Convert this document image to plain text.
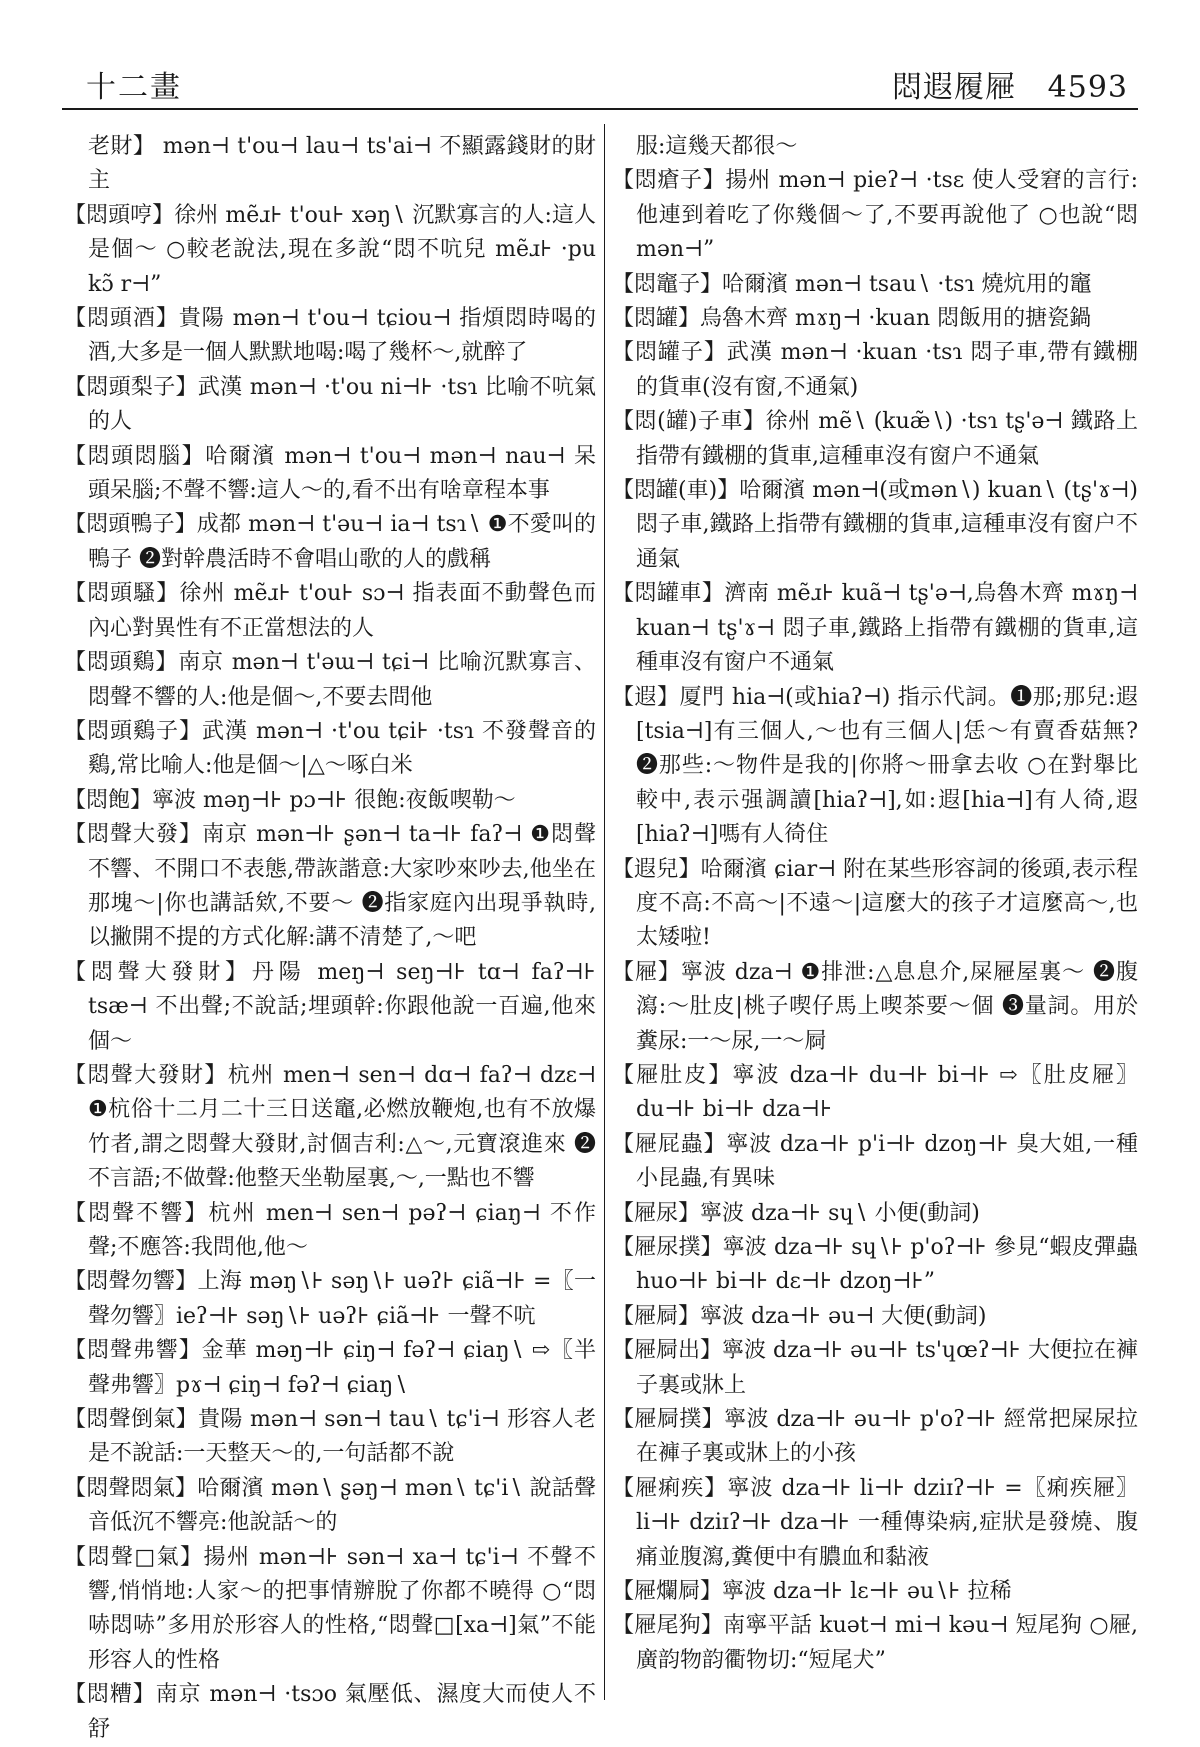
十二畫	悶遐履屜 4593

老財】 mən⊣ t'ou⊣ lau⊣ ts'ai⊣ 不顯露錢財的財主

【悶頭哼】徐州 mẽɹ⊦ t'ou⊦ xəŋ∖ 沉默寡言的人:這人是個～ ○較老說法,現在多說“悶不吭兒 mẽɹ⊦ ·pu kɔ̃ r⊣”

【悶頭酒】貴陽 mən⊣ t'ou⊣ tɕiou⊣ 指煩悶時喝的酒,大多是一個人默默地喝:喝了幾杯～,就醉了

【悶頭梨子】武漢 mən⊣ ·t'ou ni⊣⊦ ·tsɿ 比喻不吭氣的人

【悶頭悶腦】哈爾濱 mən⊣ t'ou⊣ mən⊣ nau⊣ 呆頭呆腦;不聲不響:這人～的,看不出有啥章程本事

【悶頭鴨子】成都 mən⊣ t'əu⊣ ia⊣ tsɿ∖ ❶不愛叫的鴨子 ❷對幹農活時不會唱山歌的人的戲稱

【悶頭騷】徐州 mẽɹ⊦ t'ou⊦ sɔ⊣ 指表面不動聲色而內心對異性有不正當想法的人

【悶頭鷄】南京 mən⊣ t'əɯ⊣ tɕi⊣ 比喻沉默寡言、悶聲不響的人:他是個～,不要去問他

【悶頭鷄子】武漢 mən⊣ ·t'ou tɕi⊦ ·tsɿ 不發聲音的鷄,常比喻人:他是個～|△～啄白米

【悶飽】寧波 məŋ⊣⊦ pɔ⊣⊦ 很飽:夜飯喫勒～

【悶聲大發】南京 mən⊣⊦ ʂən⊣ ta⊣⊦ faʔ⊣ ❶悶聲不響、不開口不表態,帶詼諧意:大家吵來吵去,他坐在那塊～|你也講話欸,不要～ ❷指家庭內出現爭執時,以撇開不提的方式化解:講不清楚了,～吧

【悶聲大發財】丹陽 meŋ⊣ seŋ⊣⊦ tɑ⊣ faʔ⊣⊦ tsæ⊣ 不出聲;不說話;埋頭幹:你跟他說一百遍,他來個～

【悶聲大發財】杭州 men⊣ sen⊣ dɑ⊣ faʔ⊣ dzɛ⊣ ❶杭俗十二月二十三日送竈,必燃放鞭炮,也有不放爆竹者,謂之悶聲大發財,討個吉利:△～,元寶滾進來 ❷不言語;不做聲:他整天坐勒屋裏,～,一點也不響

【悶聲不響】杭州 men⊣ sen⊣ pəʔ⊣ ɕiaŋ⊣ 不作聲;不應答:我問他,他～

【悶聲勿響】上海 məŋ∖⊦ səŋ∖⊦ uəʔ⊦ ɕiã⊣⊦ =〖一聲勿響〗ieʔ⊣⊦ səŋ∖⊦ uəʔ⊦ ɕiã⊣⊦ 一聲不吭

【悶聲弗響】金華 məŋ⊣⊦ ɕiŋ⊣ fəʔ⊣ ɕiaŋ∖ ⇨〖半聲弗響〗pɤ⊣ ɕiŋ⊣ fəʔ⊣ ɕiaŋ∖

【悶聲倒氣】貴陽 mən⊣ sən⊣ tau∖ tɕ'i⊣ 形容人老是不說話:一天整天～的,一句話都不說

【悶聲悶氣】哈爾濱 mən∖ ʂəŋ⊣ mən∖ tɕ'i∖ 說話聲音低沉不響亮:他說話～的

【悶聲□氣】揚州 mən⊣⊦ sən⊣ xa⊣ tɕ'i⊣ 不聲不響,悄悄地:人家～的把事情辦脫了你都不曉得 ○“悶哧悶哧”多用於形容人的性格,“悶聲□[xa⊣]氣”不能形容人的性格

【悶糟】南京 mən⊣ ·tsɔo 氣壓低、濕度大而使人不舒

服:這幾天都很～

【悶瘡子】揚州 mən⊣ pieʔ⊣ ·tsɛ 使人受窘的言行:他連到着吃了你幾個～了,不要再說他了 ○也說“悶mən⊣”

【悶竈子】哈爾濱 mən⊣ tsau∖ ·tsɿ 燒炕用的竈

【悶罐】烏魯木齊 mɤŋ⊣ ·kuan 悶飯用的搪瓷鍋

【悶罐子】武漢 mən⊣ ·kuan ·tsɿ 悶子車,帶有鐵棚的貨車(沒有窗,不通氣)

【悶(罐)子車】徐州 mẽ∖ (kuæ̃∖) ·tsɿ tʂ'ə⊣ 鐵路上指帶有鐵棚的貨車,這種車沒有窗户不通氣

【悶罐(車)】哈爾濱 mən⊣(或mən∖) kuan∖ (tʂ'ɤ⊣) 悶子車,鐵路上指帶有鐵棚的貨車,這種車沒有窗户不通氣

【悶罐車】濟南 mẽɹ⊦ kuã⊣ tʂ'ə⊣,烏魯木齊 mɤŋ⊣ kuan⊣ tʂ'ɤ⊣ 悶子車,鐵路上指帶有鐵棚的貨車,這種車沒有窗户不通氣

【遐】厦門 hia⊣(或hiaʔ⊣) 指示代詞。❶那;那兒:遐[tsia⊣]有三個人,～也有三個人|恁～有賣香菇無? ❷那些:～物件是我的|你將～冊拿去收 ○在對舉比較中,表示强調讀[hiaʔ⊣],如:遐[hia⊣]有人徛,遐[hiaʔ⊣]嗎有人徛住

【遐兒】哈爾濱 ɕiar⊣ 附在某些形容詞的後頭,表示程度不高:不高～|不遠～|這麼大的孩子才這麼高～,也太矮啦!

【屜】寧波 dza⊣ ❶排泄:△息息介,屎屜屋裏～ ❷腹瀉:～肚皮|桃子喫仔馬上喫茶要～個 ❸量詞。用於糞尿:一～尿,一～屙

【屜肚皮】寧波 dza⊣⊦ du⊣⊦ bi⊣⊦ ⇨〖肚皮屜〗du⊣⊦ bi⊣⊦ dza⊣⊦

【屜屁蟲】寧波 dza⊣⊦ p'i⊣⊦ dzoŋ⊣⊦ 臭大姐,一種小昆蟲,有異味

【屜尿】寧波 dza⊣⊦ sɥ∖ 小便(動詞)

【屜尿撲】寧波 dza⊣⊦ sɥ∖⊦ p'oʔ⊣⊦ 參見“蝦皮彈蟲huo⊣⊦ bi⊣⊦ dɛ⊣⊦ dzoŋ⊣⊦”

【屜屙】寧波 dza⊣⊦ əu⊣ 大便(動詞)

【屜屙出】寧波 dza⊣⊦ əu⊣⊦ ts'ɥœʔ⊣⊦ 大便拉在褲子裏或牀上

【屜屙撲】寧波 dza⊣⊦ əu⊣⊦ p'oʔ⊣⊦ 經常把屎尿拉在褲子裏或牀上的小孩

【屜痢疾】寧波 dza⊣⊦ li⊣⊦ dziɪʔ⊣⊦ =〖痢疾屜〗li⊣⊦ dziɪʔ⊣⊦ dza⊣⊦ 一種傳染病,症狀是發燒、腹痛並腹瀉,糞便中有膿血和黏液

【屜爛屙】寧波 dza⊣⊦ lɛ⊣⊦ əu∖⊦ 拉稀

【屜尾狗】南寧平話 kuət⊣ mi⊣ kəu⊣ 短尾狗 ○屜,廣韵物韵衢物切:“短尾犬”
